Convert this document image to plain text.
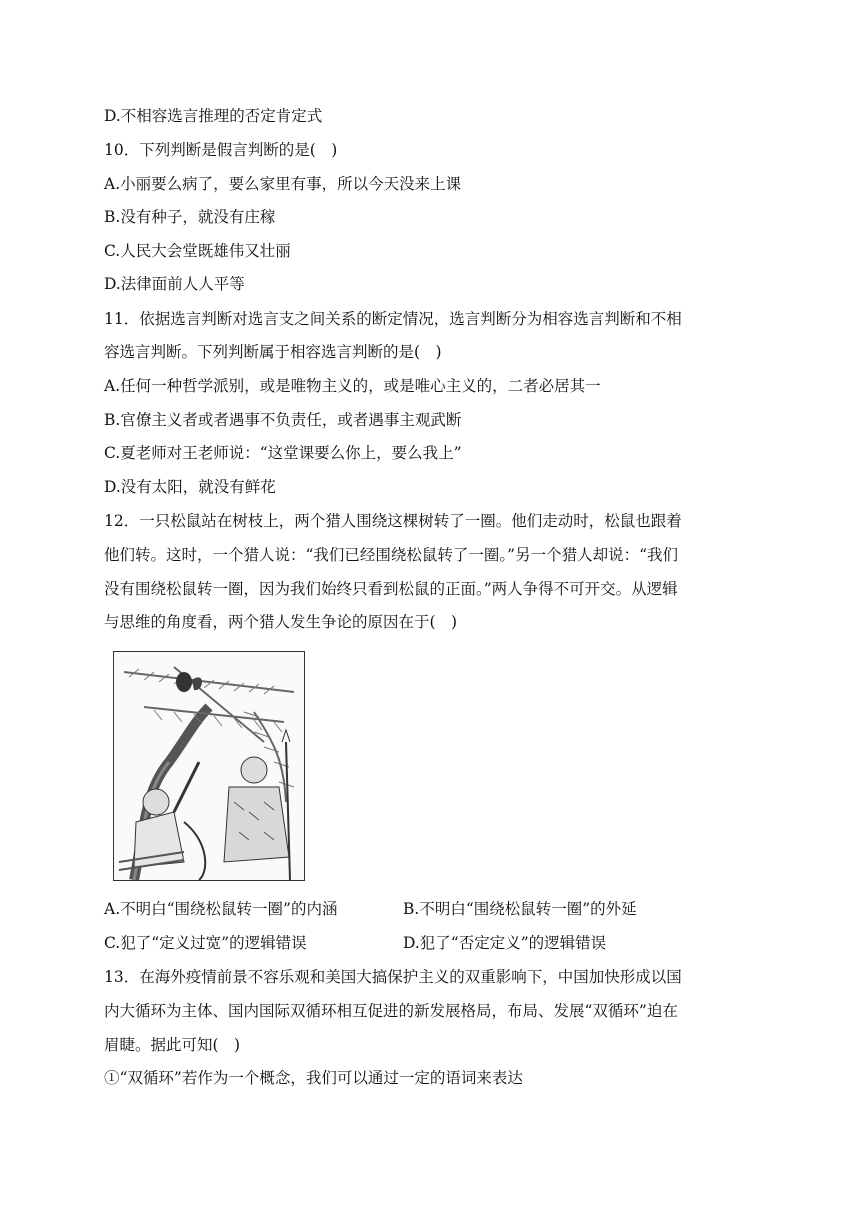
D.不相容选言推理的否定肯定式
10．下列判断是假言判断的是(　)
A.小丽要么病了，要么家里有事，所以今天没来上课
B.没有种子，就没有庄稼
C.人民大会堂既雄伟又壮丽
D.法律面前人人平等
11．依据选言判断对选言支之间关系的断定情况，选言判断分为相容选言判断和不相
容选言判断。下列判断属于相容选言判断的是(　)
A.任何一种哲学派别，或是唯物主义的，或是唯心主义的，二者必居其一
B.官僚主义者或者遇事不负责任，或者遇事主观武断
C.夏老师对王老师说：“这堂课要么你上，要么我上”
D.没有太阳，就没有鲜花
12．一只松鼠站在树枝上，两个猎人围绕这棵树转了一圈。他们走动时，松鼠也跟着
他们转。这时，一个猎人说：“我们已经围绕松鼠转了一圈。”另一个猎人却说：“我们
没有围绕松鼠转一圈，因为我们始终只看到松鼠的正面。”两人争得不可开交。从逻辑
与思维的角度看，两个猎人发生争论的原因在于(　)
A.不明白“围绕松鼠转一圈”的内涵	B.不明白“围绕松鼠转一圈”的外延
C.犯了“定义过宽”的逻辑错误	D.犯了“否定定义”的逻辑错误
13．在海外疫情前景不容乐观和美国大搞保护主义的双重影响下，中国加快形成以国
内大循环为主体、国内国际双循环相互促进的新发展格局，布局、发展“双循环”迫在
眉睫。据此可知(　)
①“双循环”若作为一个概念，我们可以通过一定的语词来表达
